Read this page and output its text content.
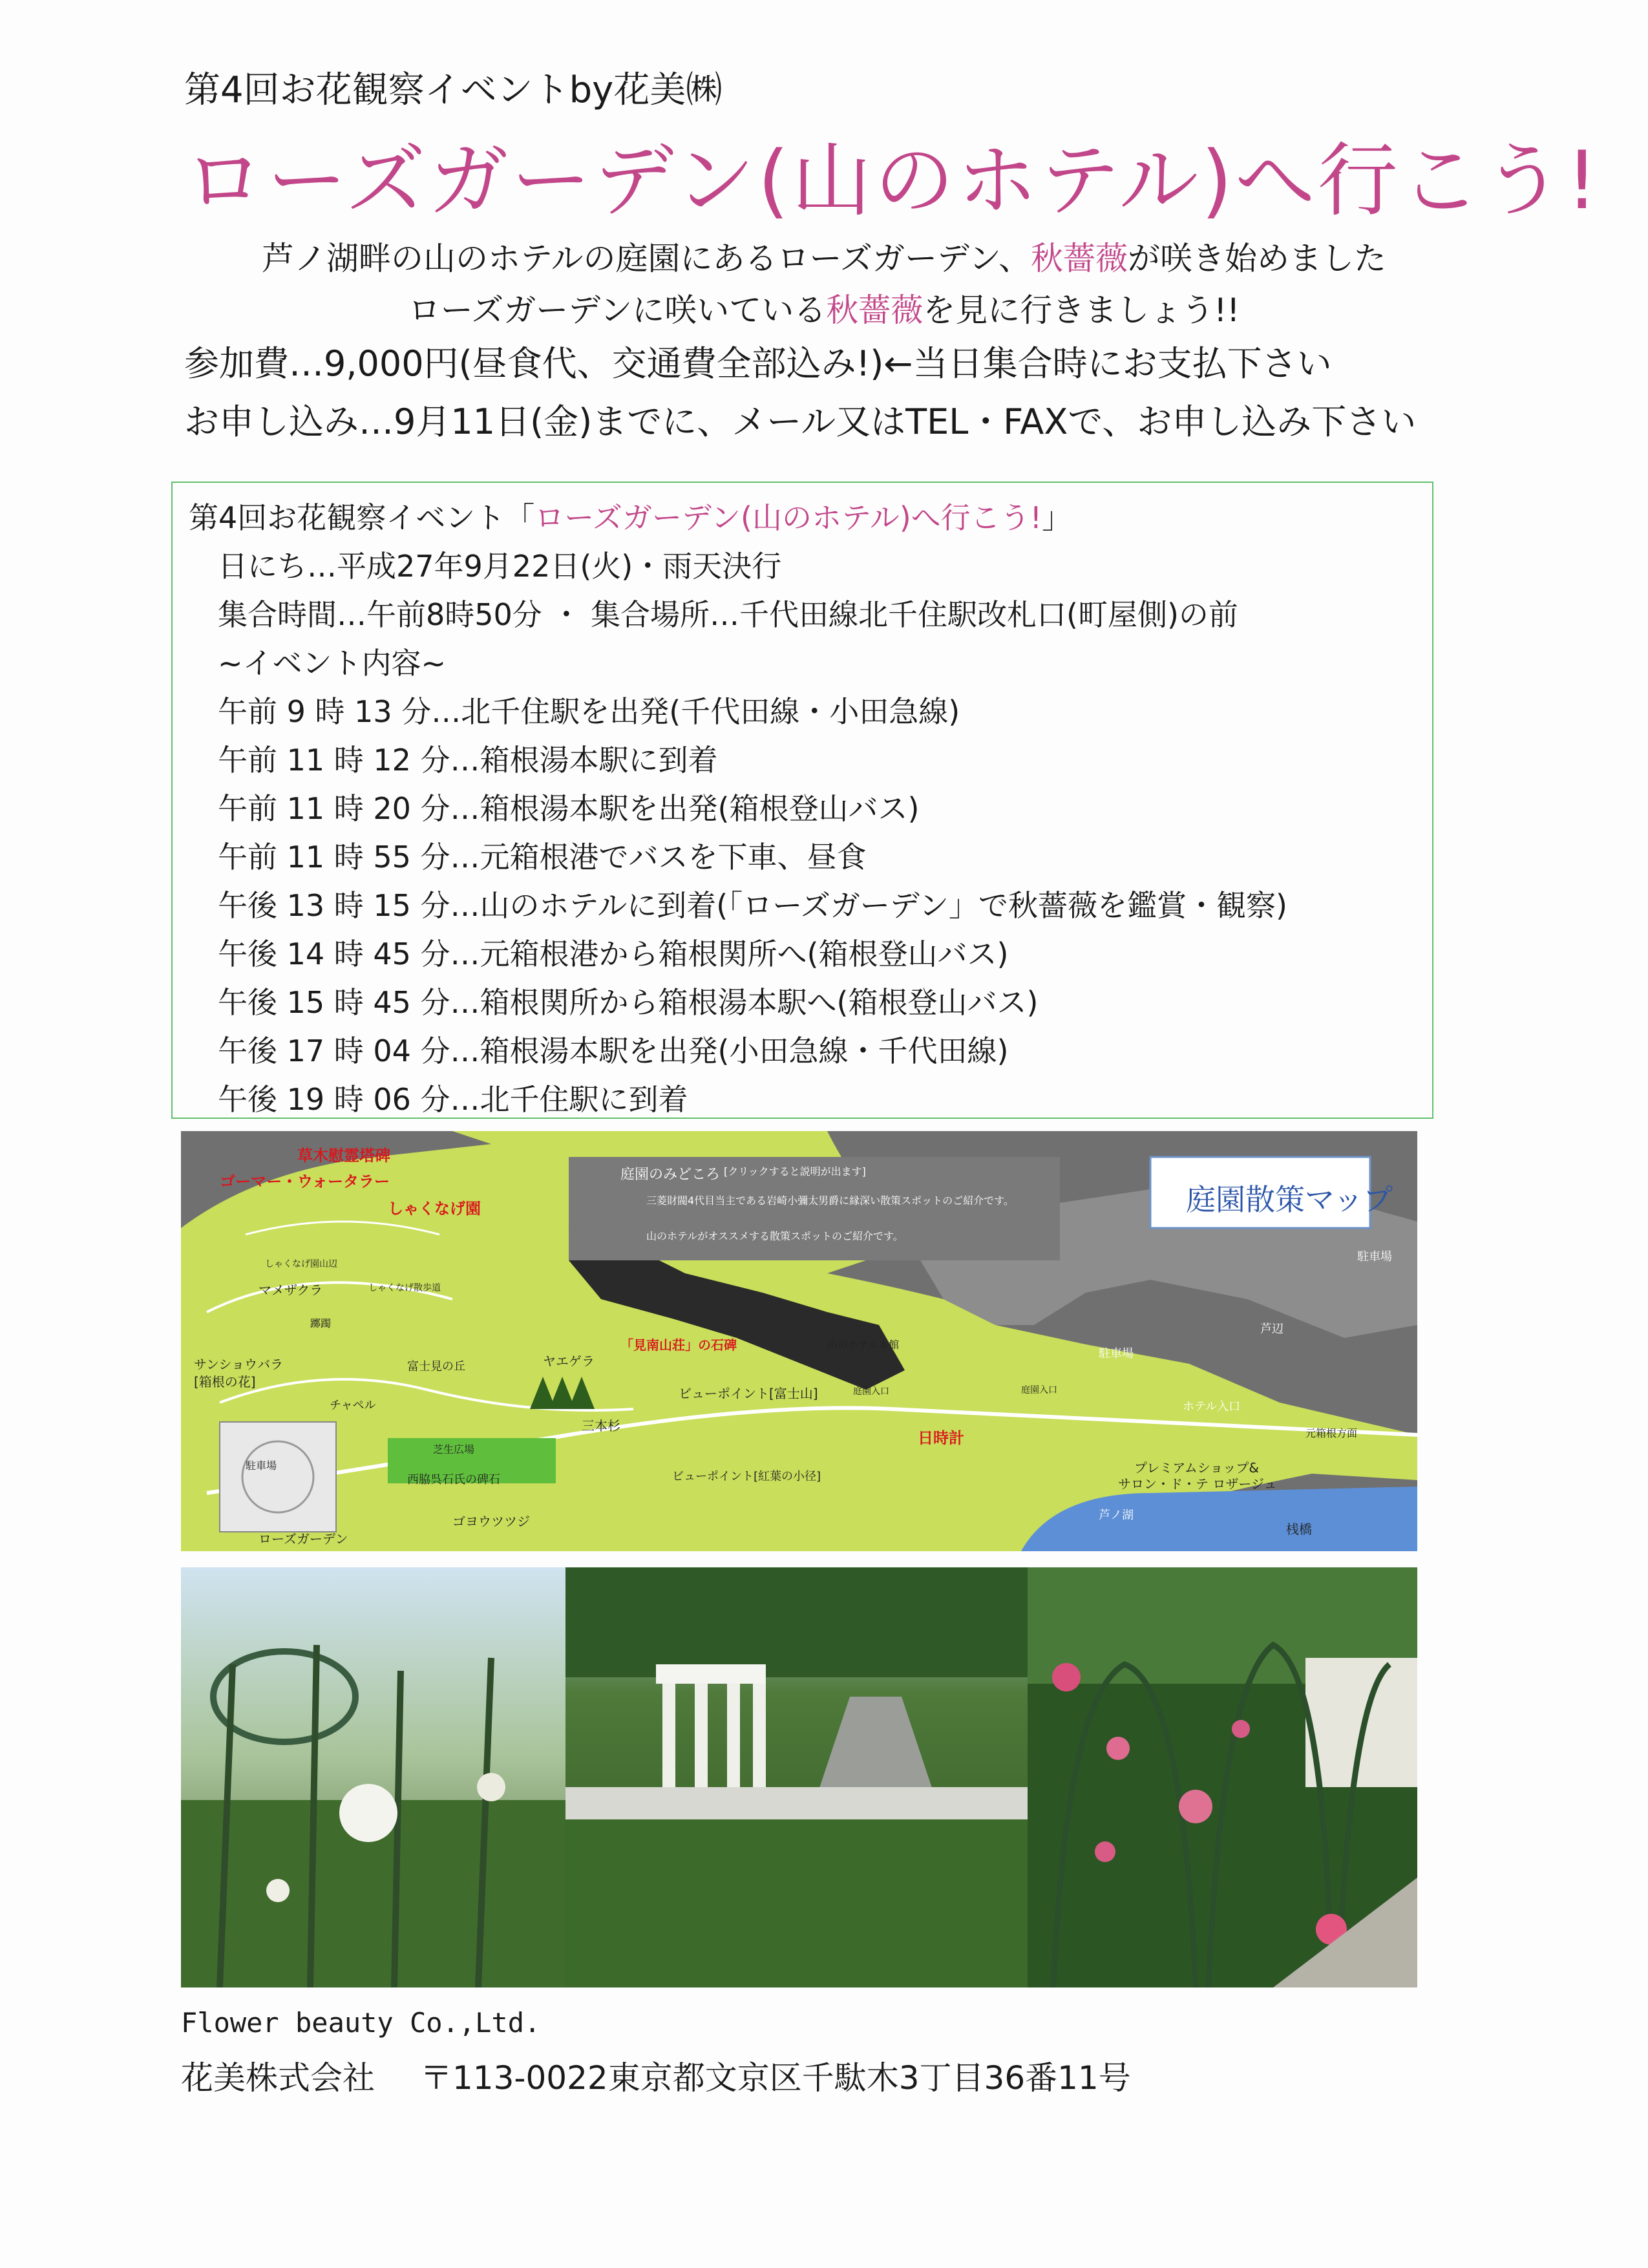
第4回お花観察イベントby花美㈱
ローズガーデン(山のホテル)へ行こう!
芦ノ湖畔の山のホテルの庭園にあるローズガーデン、秋薔薇が咲き始めました
ローズガーデンに咲いている秋薔薇を見に行きましょう!!
参加費…9,000円(昼食代、交通費全部込み!)←当日集合時にお支払下さい
お申し込み…9月11日(金)までに、メール又はTEL・FAXで、お申し込み下さい
第4回お花観察イベント「ローズガーデン(山のホテル)へ行こう!」
日にち…平成27年9月22日(火)・雨天決行
集合時間…午前8時50分 ・ 集合場所…千代田線北千住駅改札口(町屋側)の前
~イベント内容~
午前 9 時 13 分…北千住駅を出発(千代田線・小田急線)
午前 11 時 12 分…箱根湯本駅に到着
午前 11 時 20 分…箱根湯本駅を出発(箱根登山バス)
午前 11 時 55 分…元箱根港でバスを下車、昼食
午後 13 時 15 分…山のホテルに到着(「ローズガーデン」で秋薔薇を鑑賞・観察)
午後 14 時 45 分…元箱根港から箱根関所へ(箱根登山バス)
午後 15 時 45 分…箱根関所から箱根湯本駅へ(箱根登山バス)
午後 17 時 04 分…箱根湯本駅を出発(小田急線・千代田線)
午後 19 時 06 分…北千住駅に到着
庭園散策マップ
庭園のみどころ [クリックすると説明が出ます]
三菱財閥4代目当主である岩崎小彌太男爵に縁深い散策スポットのご紹介です。
山のホテルがオススメする散策スポットのご紹介です。
草木慰霊塔碑
ゴーマー・ウォータラー
しゃくなげ園
しゃくなげ園山辺
マメザクラ	しゃくなげ散歩道
躑躅
サンショウバラ
[箱根の花]
富士見の丘	ヤエゲラ
チャペル
「見南山荘」の石碑	山のホテル本館
ビューポイント[富士山]
三本杉
芝生広場
西脇呉石氏の碑石	ビューポイント[紅葉の小径]
日時計
ゴヨウツツジ
ローズガーデン
駐車場
駐車場
駐車場
庭園入口	庭園入口
ホテル入口
元箱根方面
芦ノ湖
芦辺
プレミアムショップ&
サロン・ド・テ ロザージュ
桟橋
Flower beauty Co.,Ltd.
花美株式会社 〒113-0022東京都文京区千駄木3丁目36番11号
